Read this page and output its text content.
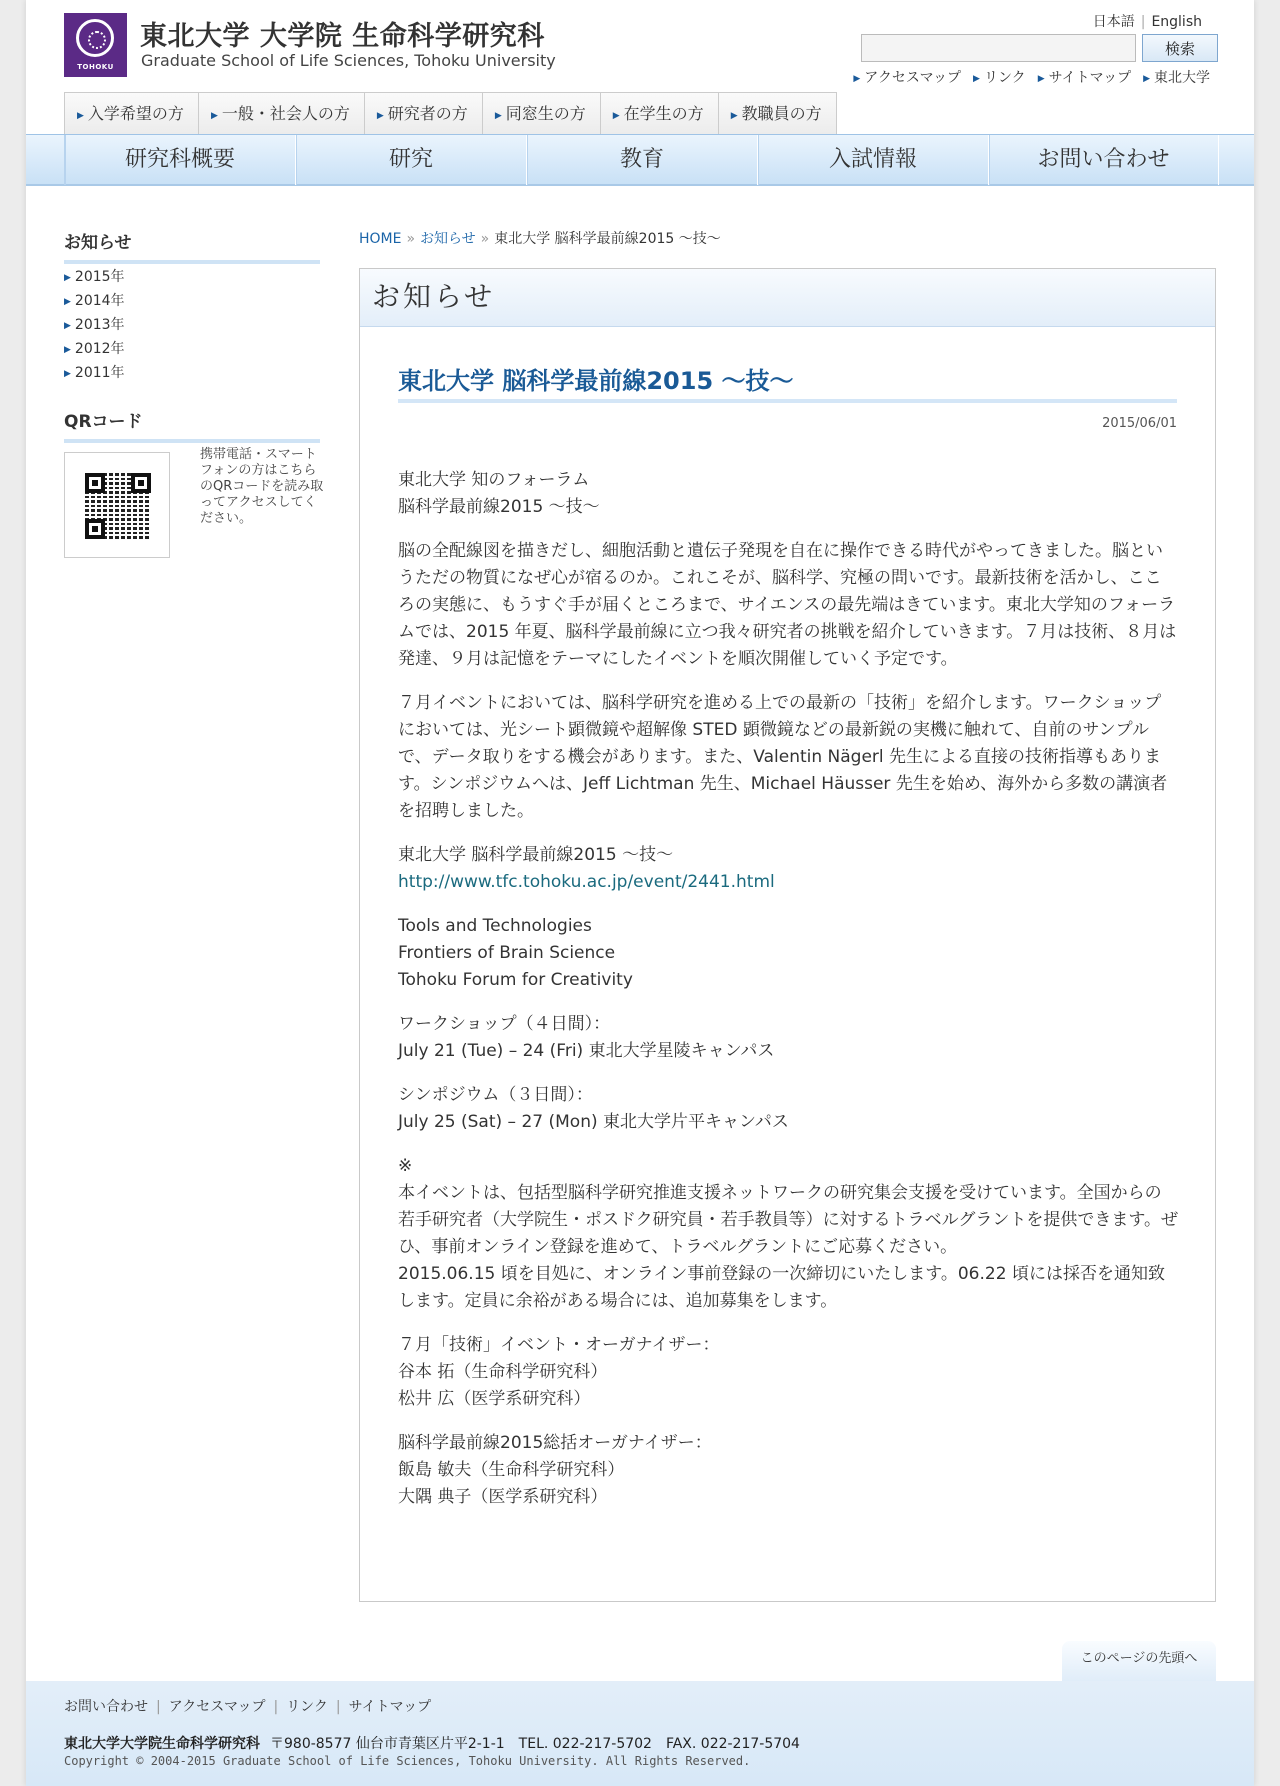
TOHOKU
東北大学 大学院 生命科学研究科
Graduate School of Life Sciences, Tohoku University
日本語 | English
検索
▶ アクセスマップ ▶ リンク ▶ サイトマップ ▶ 東北大学
▶ 入学希望の方	▶ 一般・社会人の方	▶ 研究者の方	▶ 同窓生の方	▶ 在学生の方	▶ 教職員の方
研究科概要	研究	教育	入試情報	お問い合わせ
お知らせ
▶ 2015年
▶ 2014年
▶ 2013年
▶ 2012年
▶ 2011年
QRコード
携帯電話・スマートフォンの方はこちらのQRコードを読み取ってアクセスしてください。
HOME » お知らせ » 東北大学 脳科学最前線2015 ～技～
お知らせ
東北大学 脳科学最前線2015 ～技～
2015/06/01

東北大学 知のフォーラム
脳科学最前線2015 ～技～

脳の全配線図を描きだし、細胞活動と遺伝子発現を自在に操作できる時代がやってきました。脳というただの物質になぜ心が宿るのか。これこそが、脳科学、究極の問いです。最新技術を活かし、こころの実態に、もうすぐ手が届くところまで、サイエンスの最先端はきています。東北大学知のフォーラムでは、2015 年夏、脳科学最前線に立つ我々研究者の挑戦を紹介していきます。７月は技術、８月は発達、９月は記憶をテーマにしたイベントを順次開催していく予定です。

７月イベントにおいては、脳科学研究を進める上での最新の「技術」を紹介します。ワークショップにおいては、光シート顕微鏡や超解像 STED 顕微鏡などの最新鋭の実機に触れて、自前のサンプルで、データ取りをする機会があります。また、Valentin Nägerl 先生による直接の技術指導もあります。シンポジウムへは、Jeff Lichtman 先生、Michael Häusser 先生を始め、海外から多数の講演者を招聘しました。

東北大学 脳科学最前線2015 ～技～
http://www.tfc.tohoku.ac.jp/event/2441.html

Tools and Technologies
Frontiers of Brain Science
Tohoku Forum for Creativity

ワークショップ（４日間）：
July 21 (Tue) – 24 (Fri) 東北大学星陵キャンパス

シンポジウム（３日間）：
July 25 (Sat) – 27 (Mon) 東北大学片平キャンパス

※
本イベントは、包括型脳科学研究推進支援ネットワークの研究集会支援を受けています。全国からの若手研究者（大学院生・ポスドク研究員・若手教員等）に対するトラベルグラントを提供できます。ぜひ、事前オンライン登録を進めて、トラベルグラントにご応募ください。
2015.06.15 頃を目処に、オンライン事前登録の一次締切にいたします。06.22 頃には採否を通知致します。定員に余裕がある場合には、追加募集をします。

７月「技術」イベント・オーガナイザー：
谷本 拓（生命科学研究科）
松井 広（医学系研究科）

脳科学最前線2015総括オーガナイザー：
飯島 敏夫（生命科学研究科）
大隅 典子（医学系研究科）

このページの先頭へ
お問い合わせ | アクセスマップ | リンク | サイトマップ
東北大学大学院生命科学研究科 〒980-8577 仙台市青葉区片平2-1-1　TEL. 022-217-5702　FAX. 022-217-5704
Copyright © 2004-2015 Graduate School of Life Sciences, Tohoku University. All Rights Reserved.
